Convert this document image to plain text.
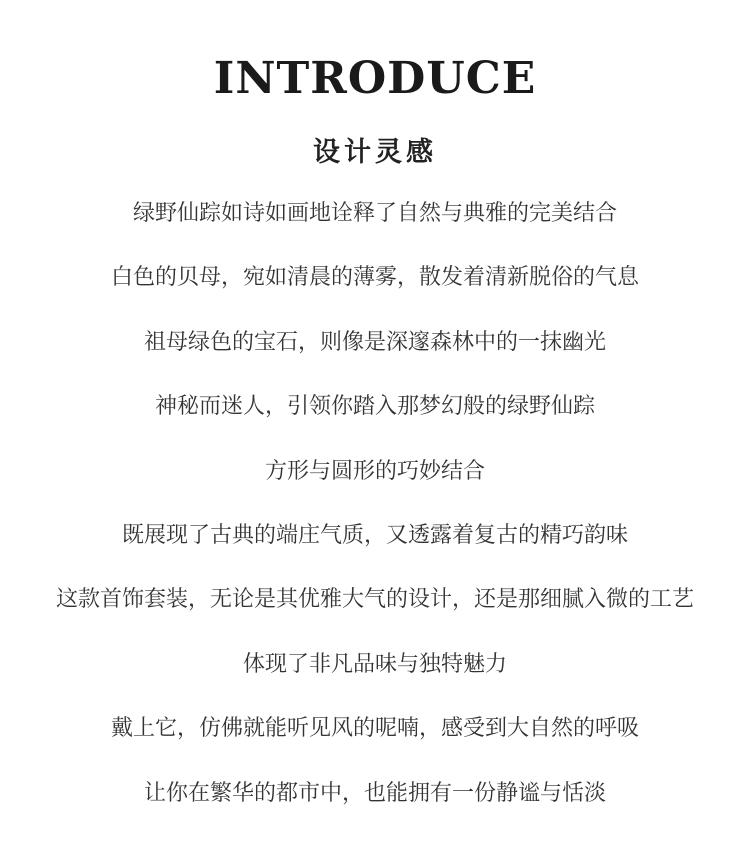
INTRODUCE
设计灵感
绿野仙踪如诗如画地诠释了自然与典雅的完美结合
白色的贝母，宛如清晨的薄雾，散发着清新脱俗的气息
祖母绿色的宝石，则像是深邃森林中的一抹幽光
神秘而迷人，引领你踏入那梦幻般的绿野仙踪
方形与圆形的巧妙结合
既展现了古典的端庄气质，又透露着复古的精巧韵味
这款首饰套装，无论是其优雅大气的设计，还是那细腻入微的工艺
体现了非凡品味与独特魅力
戴上它，仿佛就能听见风的呢喃，感受到大自然的呼吸
让你在繁华的都市中，也能拥有一份静谧与恬淡
